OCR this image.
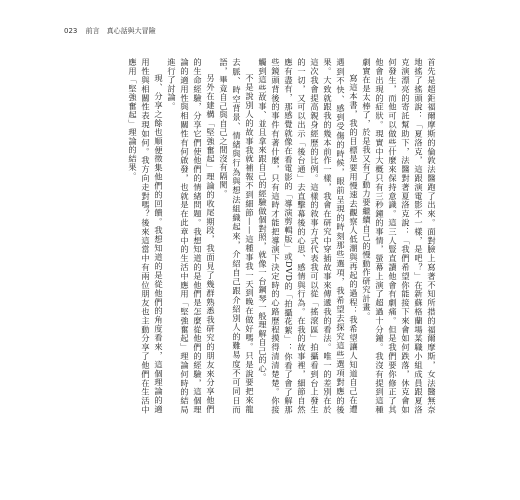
023 前言　真心話與大冒險

首先是超鉅福爾摩斯的倫敦法醫跑了出來。面對臉上寫著不知所措的福爾摩斯，女法醫無奈地搖了搖頭說：「夏洛克，這跟演電影不一樣，是吧？」在新蘇格蘭場某職小組成員跟夏洛克演漂亮的寄託幫助下，法醫對著夏洛克說：「我們希望你能接下來會如何跌落，休克會如何發生，而他可以做些什麼來保持意識。這三人豎直讀他會有劇痛。但是我們要你修正了其他會出現的症狀。現實中大概只有三秒鐘的事情，螢幕上演了超過十分鐘。我沒有提到這種劇實在是太棒了，於是我又有了動力要繼續自己的慢動作研究計畫。

寫這本書，我的目標是要用慢速去觀察人低潮與再起的過程：我希望讓人知道自己在遭遇到不快、感到受傷的時候，眼前呈現的時刻那些選項，我希望去探究這些選項對應的後果。大致就跟我的幾本前作一樣，我會在研究中穿插故事來傳遞我的看法。唯一的差別在於這次我會提高親身經歷的比例。這樣的敘事方式代表我可以從「搖滾區」拍攝看到台上發生的一切，又可以出示「後台通」去直擊幕後的心思、感情與行為。在我的故事裡，細節自然應有盡有，那感覺就像在看電影的「導演剪輯版」或DVD的「拍攝花絮」：你看了會了解那些鏡頭背後的事件有著什麼，只有這時才能把導演下決定時的心路歷程摸得清清楚楚。你接觸到這些故事、並且拿來跟自己的經驗做個對照，就像一台鋼琴一般理解自己的心。

不是說別人的故事我就補報不到細節——這種事我一天到晚在做好嗎。只是說要把來龍去脈、時空背景、情緒與行為與想法組織起來，介紹自己跟介紹別人的難易度不可同日而語，畢竟自己與自己之間沒有隔閡。

另外在建構「堅強奮起」理論的收尾期段，我面見了幾群熟悉我研究的朋友來分享他們的生命經驗，分享它們使他們的情緒問題。我想知道的是他們是怎麼從他們的經驗，這個理論的適用性與相關性有何啟發，也就是在此章中的生活中應用「堅強奮起」理論何時的結局進行了討論。

現、分享之餘也順便徵集他們的回饋。我想知道的是從他們的角度看來，這個理論的適用性與相關性表現如何。我方向走對嗎？後來這當中有兩位朋友也主動分享了他們在生活中應用「堅強奮起」理論的結果。
